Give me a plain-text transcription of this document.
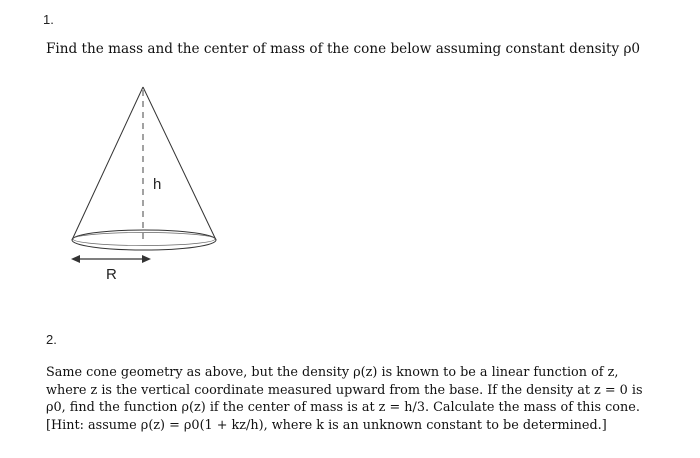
1.
Find the mass and the center of mass of the cone below assuming constant density ρ0
h
R
2.
Same cone geometry as above, but the density ρ(z) is known to be a linear function of z,
where z is the vertical coordinate measured upward from the base. If the density at z = 0 is
ρ0, find the function ρ(z) if the center of mass is at z = h/3. Calculate the mass of this cone.
[Hint: assume ρ(z) = ρ0(1 + kz/h), where k is an unknown constant to be determined.]
